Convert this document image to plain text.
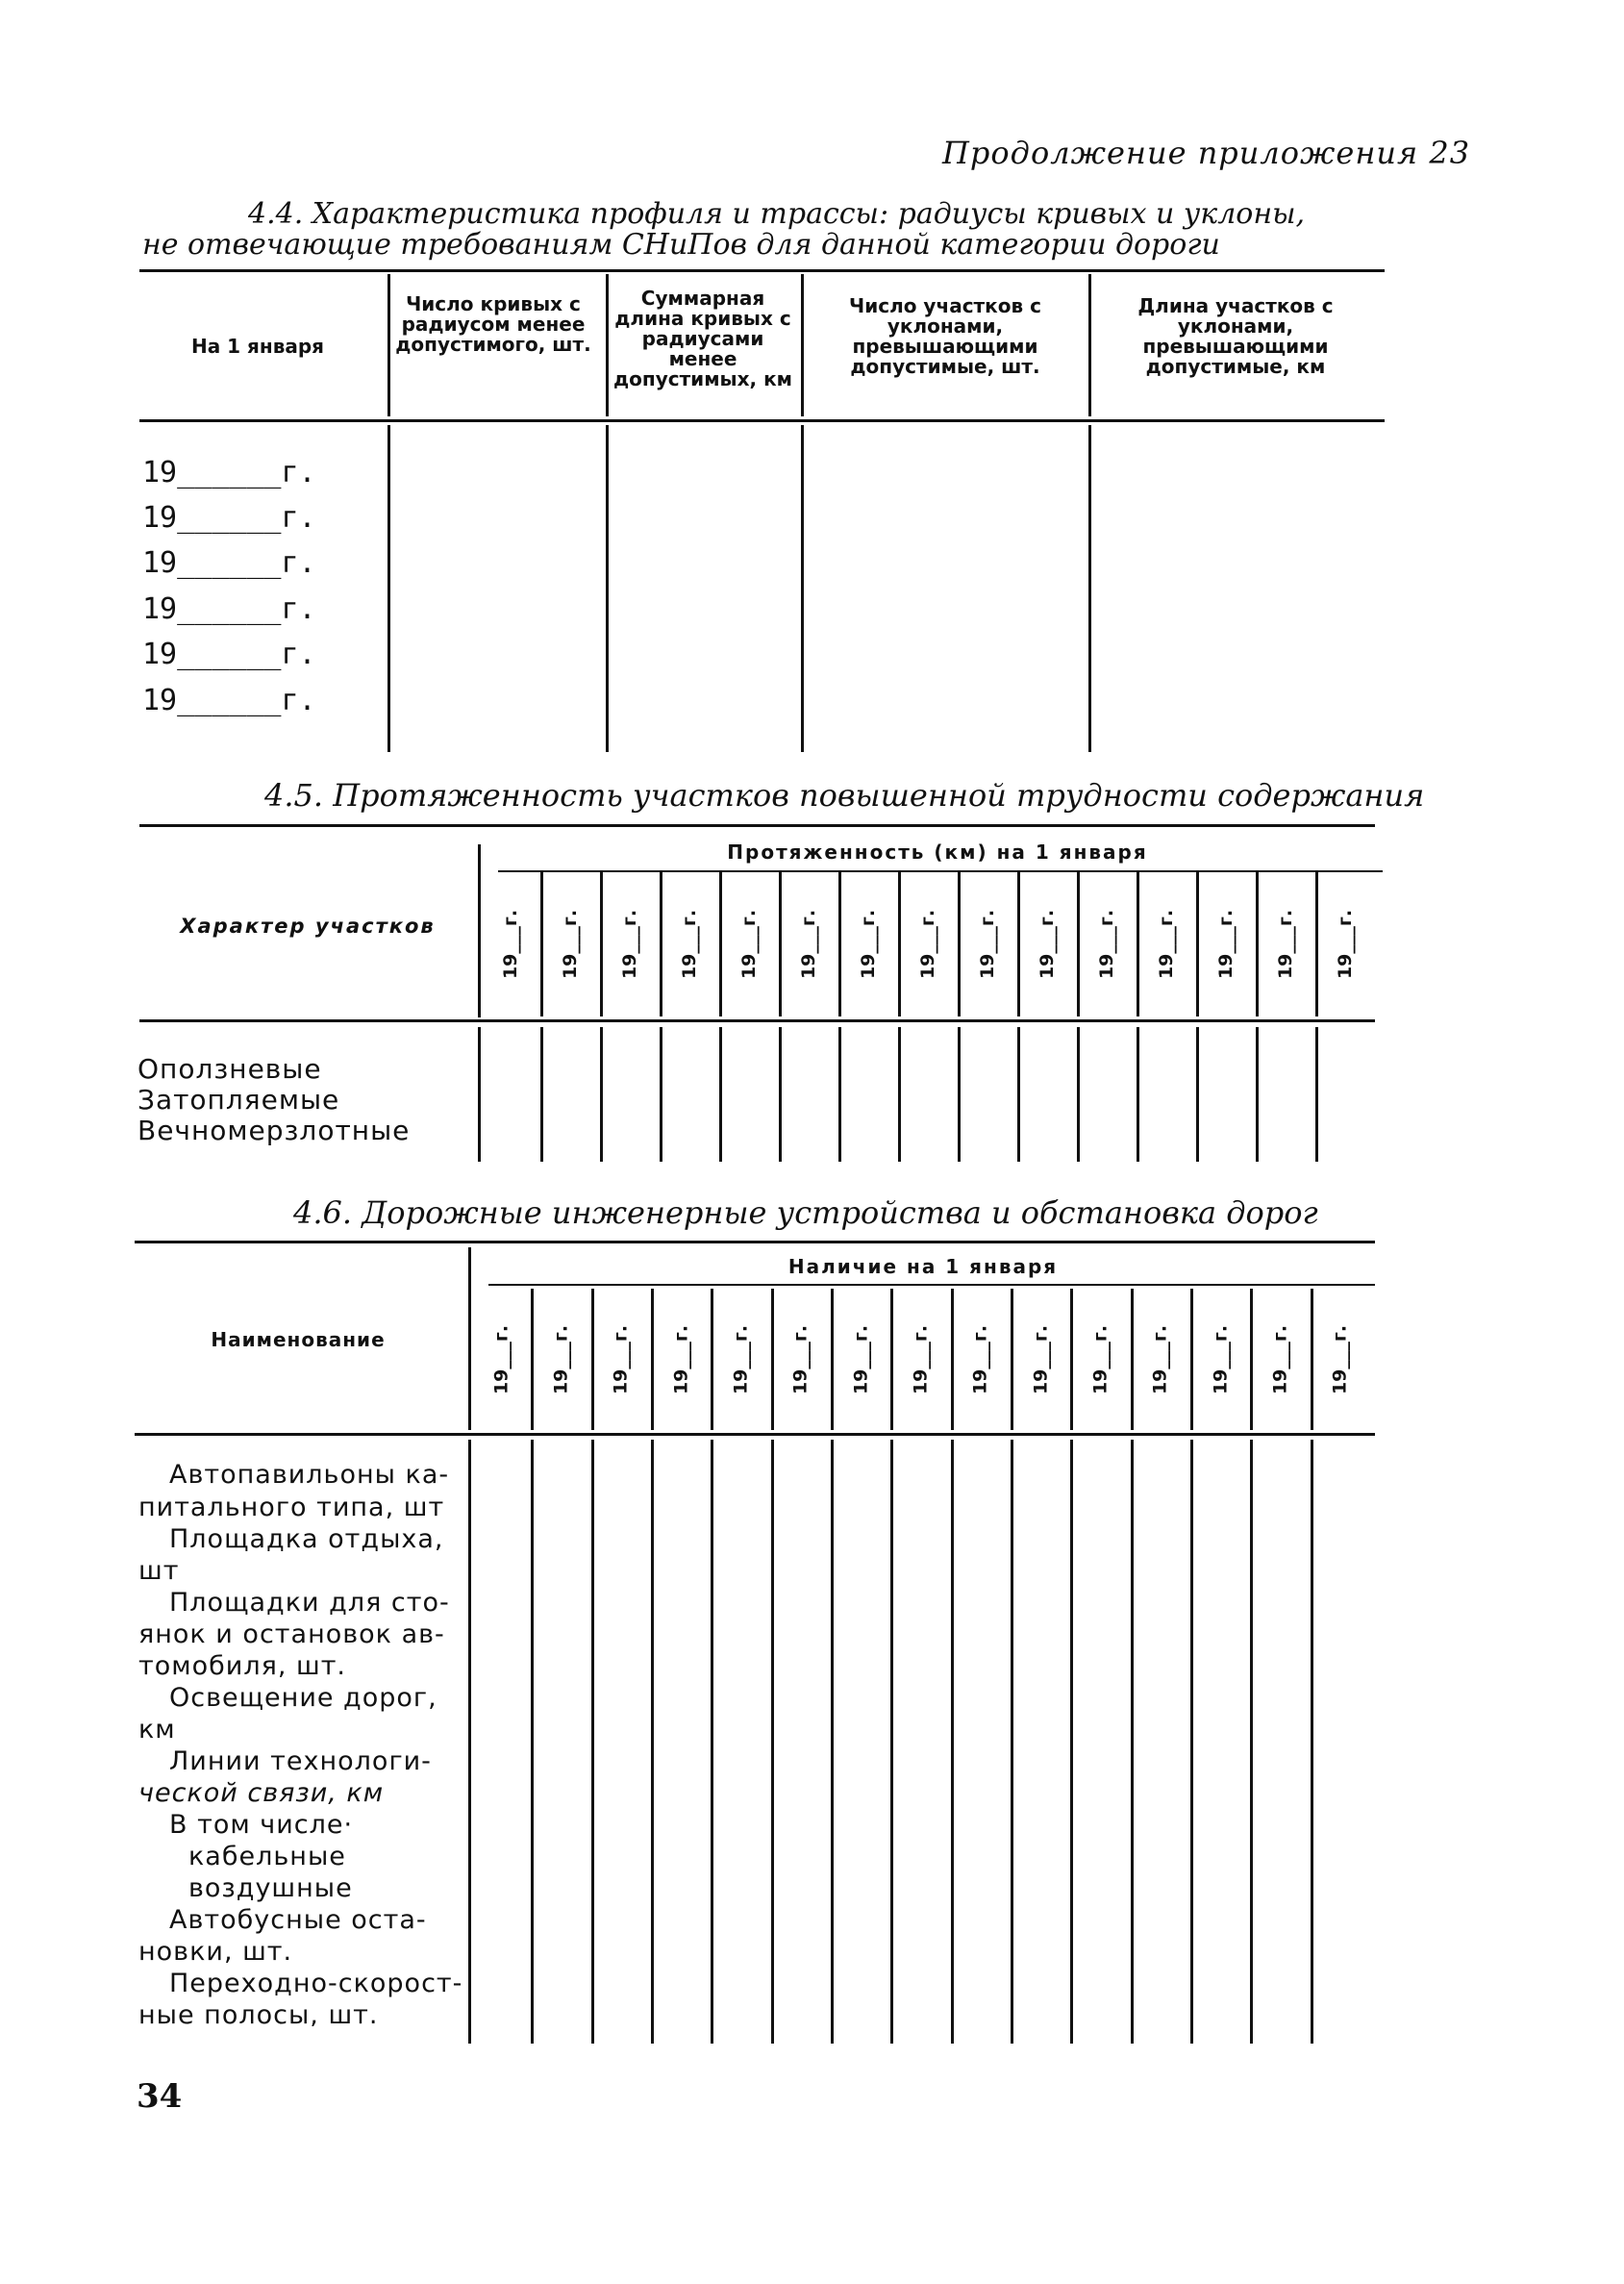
Продолжение приложения 23
4.4. Характеристика профиля и трассы: радиусы кривых и уклоны,
не отвечающие требованиям СНиПов для данной категории дороги
На 1 января
Число кривых с радиусом менее допустимого, шт.
Суммарная длина кривых с радиусами менее допустимых, км
Число участков с уклонами, превышающими допустимые, шт.
Длина участков с уклонами, превышающими допустимые, км
19______г.
19______г.
19______г.
19______г.
19______г.
19______г.
4.5. Протяженность участков повышенной трудности содержания
Характер участков
Протяженность (км) на 1 января
19___г. 19___г. 19___г. 19___г. 19___г. 19___г. 19___г. 19___г. 19___г. 19___г. 19___г. 19___г. 19___г. 19___г. 19___г.
Оползневые
Затопляемые
Вечномерзлотные
4.6. Дорожные инженерные устройства и обстановка дорог
Наименование
Наличие на 1 января
19___г. 19___г. 19___г. 19___г. 19___г. 19___г. 19___г. 19___г. 19___г. 19___г. 19___г. 19___г. 19___г. 19___г. 19___г.
Автопавильоны ка-
питального типа, шт
Площадка отдыха,
шт
Площадки для сто-
янок и остановок ав-
томобиля, шт.
Освещение дорог,
км
Линии технологи-
ческой связи, км
В том числе·
кабельные
воздушные
Автобусные оста-
новки, шт.
Переходно-скорост-
ные полосы, шт.
34
